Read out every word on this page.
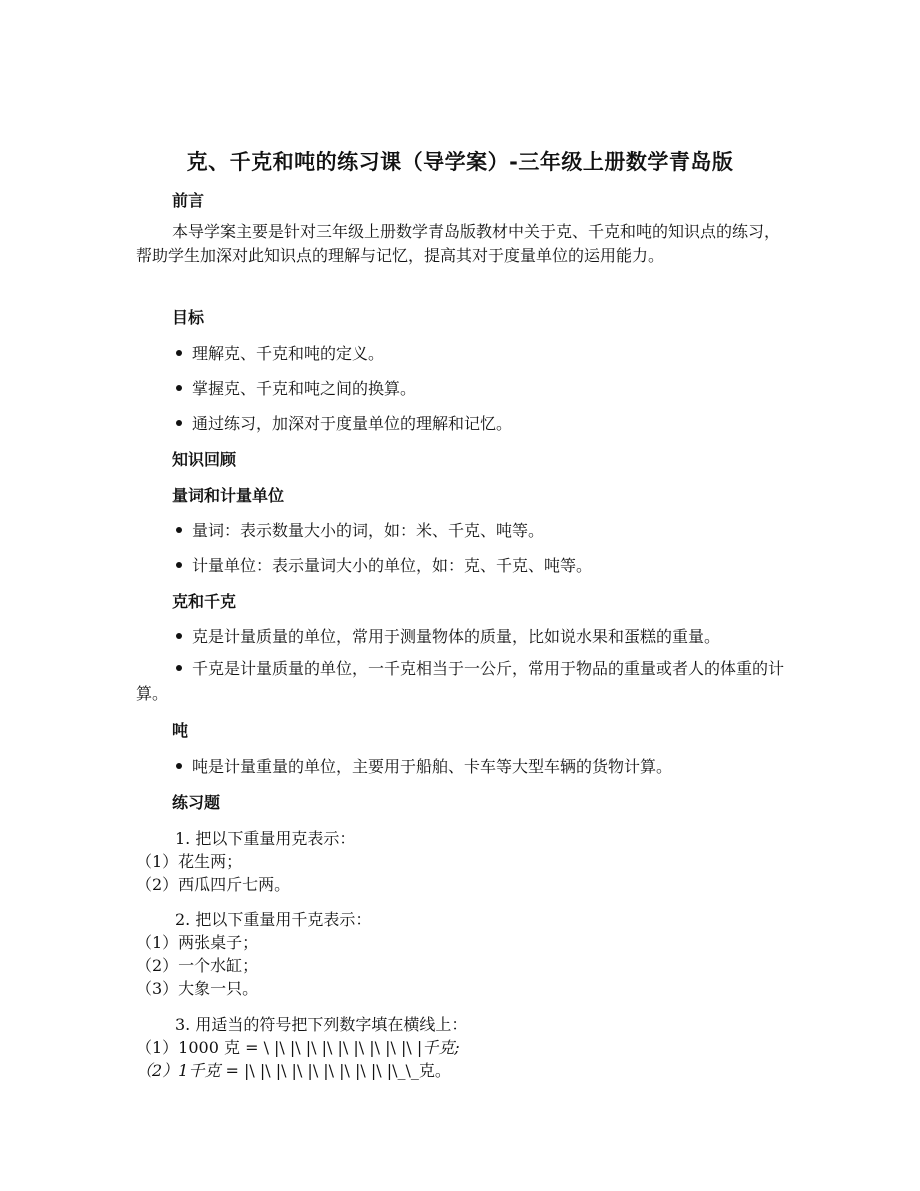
克、千克和吨的练习课（导学案）-三年级上册数学青岛版
前言
本导学案主要是针对三年级上册数学青岛版教材中关于克、千克和吨的知识点的练习，帮助学生加深对此知识点的理解与记忆，提高其对于度量单位的运用能力。
目标
理解克、千克和吨的定义。
掌握克、千克和吨之间的换算。
通过练习，加深对于度量单位的理解和记忆。
知识回顾
量词和计量单位
量词：表示数量大小的词，如：米、千克、吨等。
计量单位：表示量词大小的单位，如：克、千克、吨等。
克和千克
克是计量质量的单位，常用于测量物体的质量，比如说水果和蛋糕的重量。
千克是计量质量的单位，一千克相当于一公斤，常用于物品的重量或者人的体重的计算。
吨
吨是计量重量的单位，主要用于船舶、卡车等大型车辆的货物计算。
练习题
1. 把以下重量用克表示：
（1）花生两；
（2）西瓜四斤七两。
2. 把以下重量用千克表示：
（1）两张桌子；
（2）一个水缸；
（3）大象一只。
3. 用适当的符号把下列数字填在横线上：
（1）1000 克 = \ |\ |\ |\ |\ |\ |\ |\ |\ |\ |千克;
（2）1千克 = |\ |\ |\ |\ |\ |\ |\ |\ |\ |\_\_克。
